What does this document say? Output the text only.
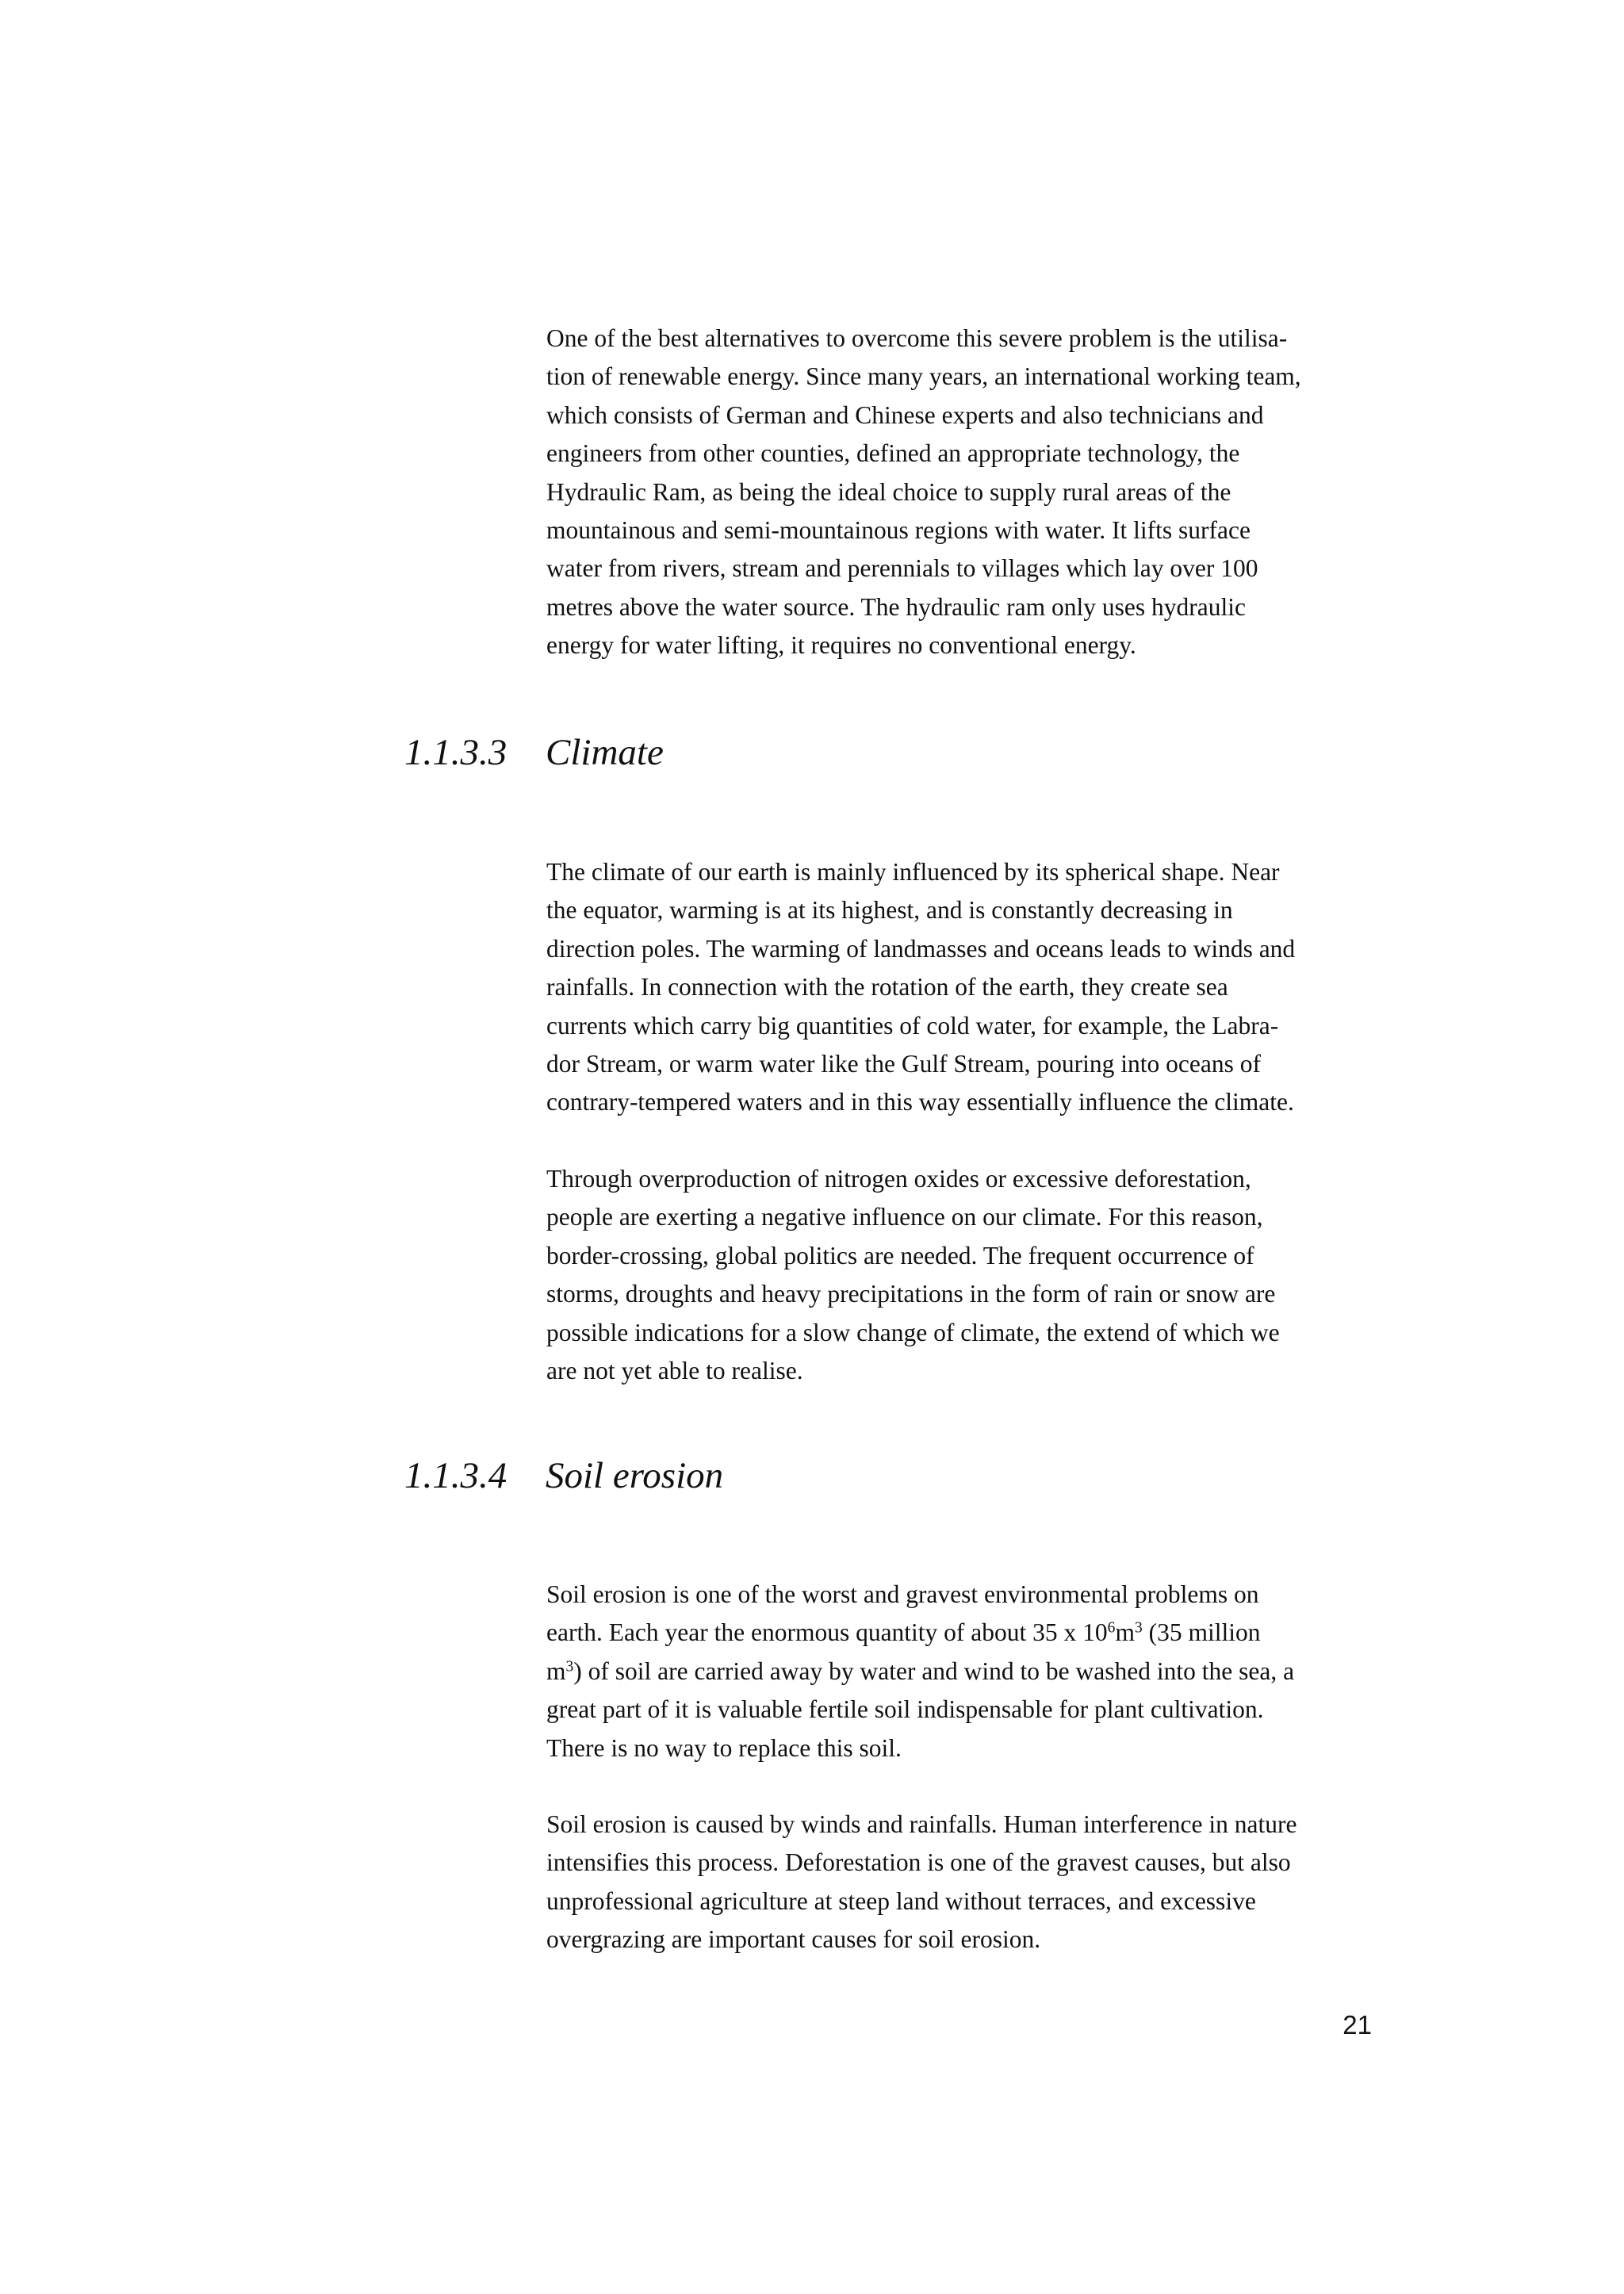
One of the best alternatives to overcome this severe problem is the utilisa-
tion of renewable energy. Since many years, an international working team,
which consists of German and Chinese experts and also technicians and
engineers from other counties, defined an appropriate technology, the
Hydraulic Ram, as being the ideal choice to supply rural areas of the
mountainous and semi-mountainous regions with water. It lifts surface
water from rivers, stream and perennials to villages which lay over 100
metres above the water source. The hydraulic ram only uses hydraulic
energy for water lifting, it requires no conventional energy.

1.1.3.3 Climate

The climate of our earth is mainly influenced by its spherical shape. Near
the equator, warming is at its highest, and is constantly decreasing in
direction poles. The warming of landmasses and oceans leads to winds and
rainfalls. In connection with the rotation of the earth, they create sea
currents which carry big quantities of cold water, for example, the Labra-
dor Stream, or warm water like the Gulf Stream, pouring into oceans of
contrary-tempered waters and in this way essentially influence the climate.

Through overproduction of nitrogen oxides or excessive deforestation,
people are exerting a negative influence on our climate. For this reason,
border-crossing, global politics are needed. The frequent occurrence of
storms, droughts and heavy precipitations in the form of rain or snow are
possible indications for a slow change of climate, the extend of which we
are not yet able to realise.

1.1.3.4 Soil erosion

Soil erosion is one of the worst and gravest environmental problems on
earth. Each year the enormous quantity of about 35 x $10^6m^3$ (35 million
$m^3$) of soil are carried away by water and wind to be washed into the sea, a
great part of it is valuable fertile soil indispensable for plant cultivation.
There is no way to replace this soil.

Soil erosion is caused by winds and rainfalls. Human interference in nature
intensifies this process. Deforestation is one of the gravest causes, but also
unprofessional agriculture at steep land without terraces, and excessive
overgrazing are important causes for soil erosion.

21
